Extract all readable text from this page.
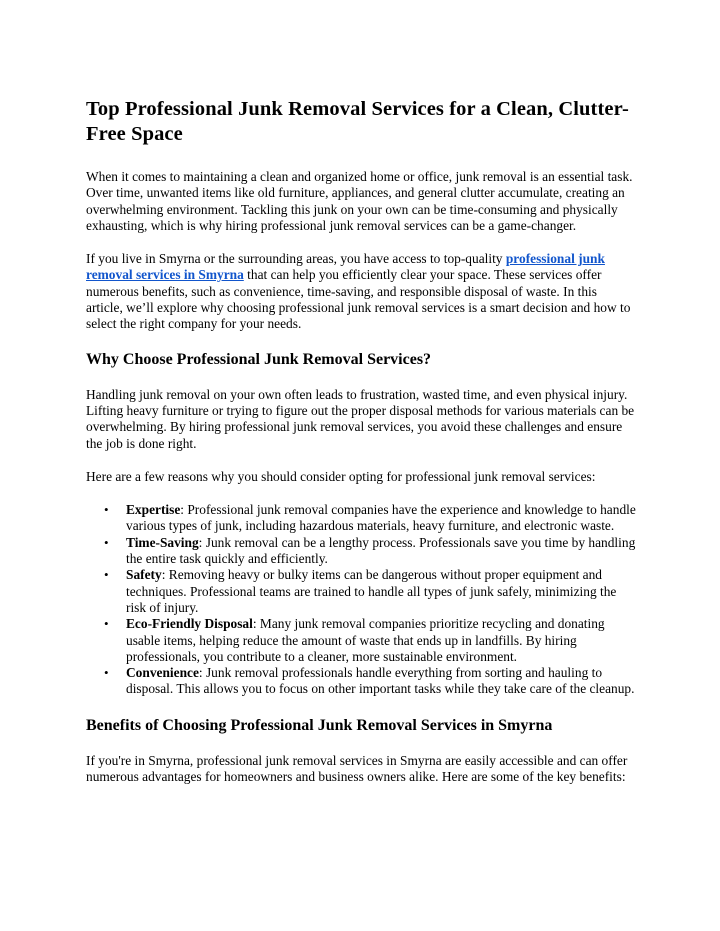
Top Professional Junk Removal Services for a Clean, Clutter-Free Space

When it comes to maintaining a clean and organized home or office, junk removal is an essential task. Over time, unwanted items like old furniture, appliances, and general clutter accumulate, creating an overwhelming environment. Tackling this junk on your own can be time-consuming and physically exhausting, which is why hiring professional junk removal services can be a game-changer.

If you live in Smyrna or the surrounding areas, you have access to top-quality professional junk removal services in Smyrna that can help you efficiently clear your space. These services offer numerous benefits, such as convenience, time-saving, and responsible disposal of waste. In this article, we’ll explore why choosing professional junk removal services is a smart decision and how to select the right company for your needs.

Why Choose Professional Junk Removal Services?

Handling junk removal on your own often leads to frustration, wasted time, and even physical injury. Lifting heavy furniture or trying to figure out the proper disposal methods for various materials can be overwhelming. By hiring professional junk removal services, you avoid these challenges and ensure the job is done right.

Here are a few reasons why you should consider opting for professional junk removal services:

• Expertise: Professional junk removal companies have the experience and knowledge to handle various types of junk, including hazardous materials, heavy furniture, and electronic waste.
• Time-Saving: Junk removal can be a lengthy process. Professionals save you time by handling the entire task quickly and efficiently.
• Safety: Removing heavy or bulky items can be dangerous without proper equipment and techniques. Professional teams are trained to handle all types of junk safely, minimizing the risk of injury.
• Eco-Friendly Disposal: Many junk removal companies prioritize recycling and donating usable items, helping reduce the amount of waste that ends up in landfills. By hiring professionals, you contribute to a cleaner, more sustainable environment.
• Convenience: Junk removal professionals handle everything from sorting and hauling to disposal. This allows you to focus on other important tasks while they take care of the cleanup.
Benefits of Choosing Professional Junk Removal Services in Smyrna

If you're in Smyrna, professional junk removal services in Smyrna are easily accessible and can offer numerous advantages for homeowners and business owners alike. Here are some of the key benefits:
